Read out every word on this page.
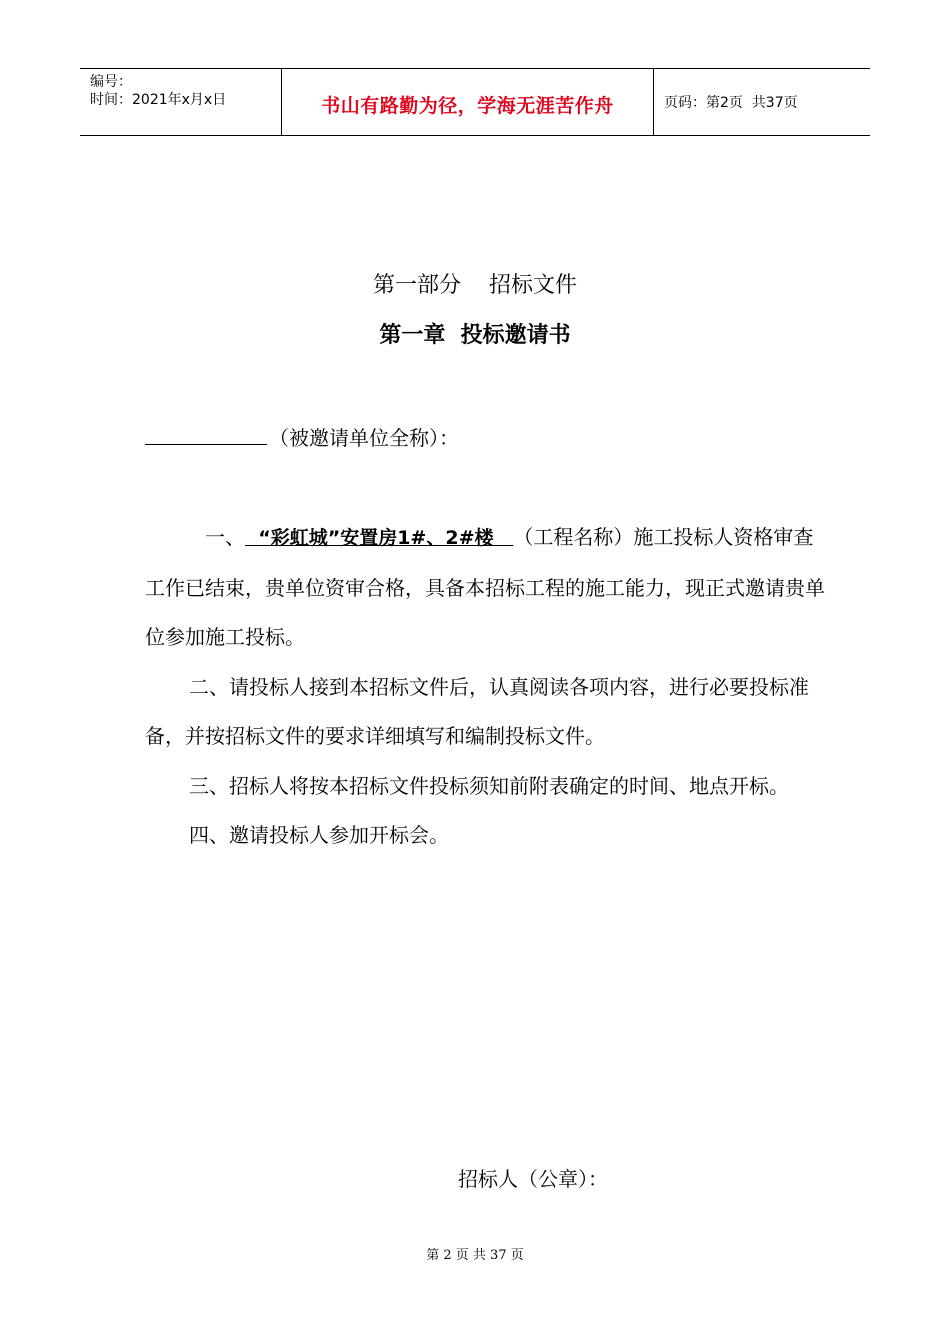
编号：
时间：2021年x月x日	书山有路勤为径，学海无涯苦作舟	页码：第2页  共37页
第一部分    招标文件
第一章  投标邀请书
（被邀请单位全称）：

一、  “彩虹城”安置房1#、2#楼   （工程名称）施工投标人资格审查工作已结束，贵单位资审合格，具备本招标工程的施工能力，现正式邀请贵单位参加施工投标。

二、请投标人接到本招标文件后，认真阅读各项内容，进行必要投标准备，并按招标文件的要求详细填写和编制投标文件。

三、招标人将按本招标文件投标须知前附表确定的时间、地点开标。

四、邀请投标人参加开标会。

招标人（公章）：
第 2 页 共 37 页
